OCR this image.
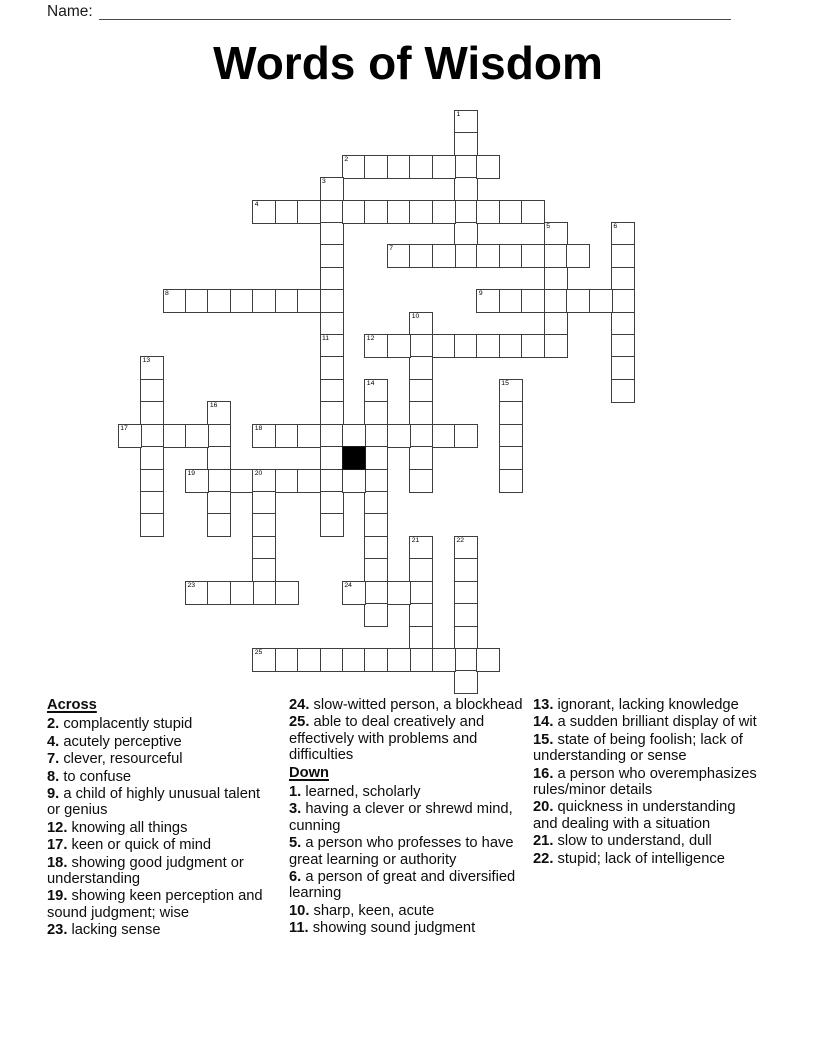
Name:
Words of Wisdom
1
2
3
4
5	6
7
8	9
10
11	12
13
14	15
16
17	18
19	20
21	22
23	24
25

Across

2. complacently stupid

4. acutely perceptive

7. clever, resourceful

8. to confuse

9. a child of highly unusual talent or genius

12. knowing all things

17. keen or quick of mind

18. showing good judgment or understanding

19. showing keen perception and sound judgment; wise

23. lacking sense

24. slow-witted person, a blockhead

25. able to deal creatively and effectively with problems and difficulties

Down

1. learned, scholarly

3. having a clever or shrewd mind, cunning

5. a person who professes to have great learning or authority

6. a person of great and diversified learning

10. sharp, keen, acute

11. showing sound judgment

13. ignorant, lacking knowledge

14. a sudden brilliant display of wit

15. state of being foolish; lack of understanding or sense

16. a person who overemphasizes rules/minor details

20. quickness in understanding and dealing with a situation

21. slow to understand, dull

22. stupid; lack of intelligence
